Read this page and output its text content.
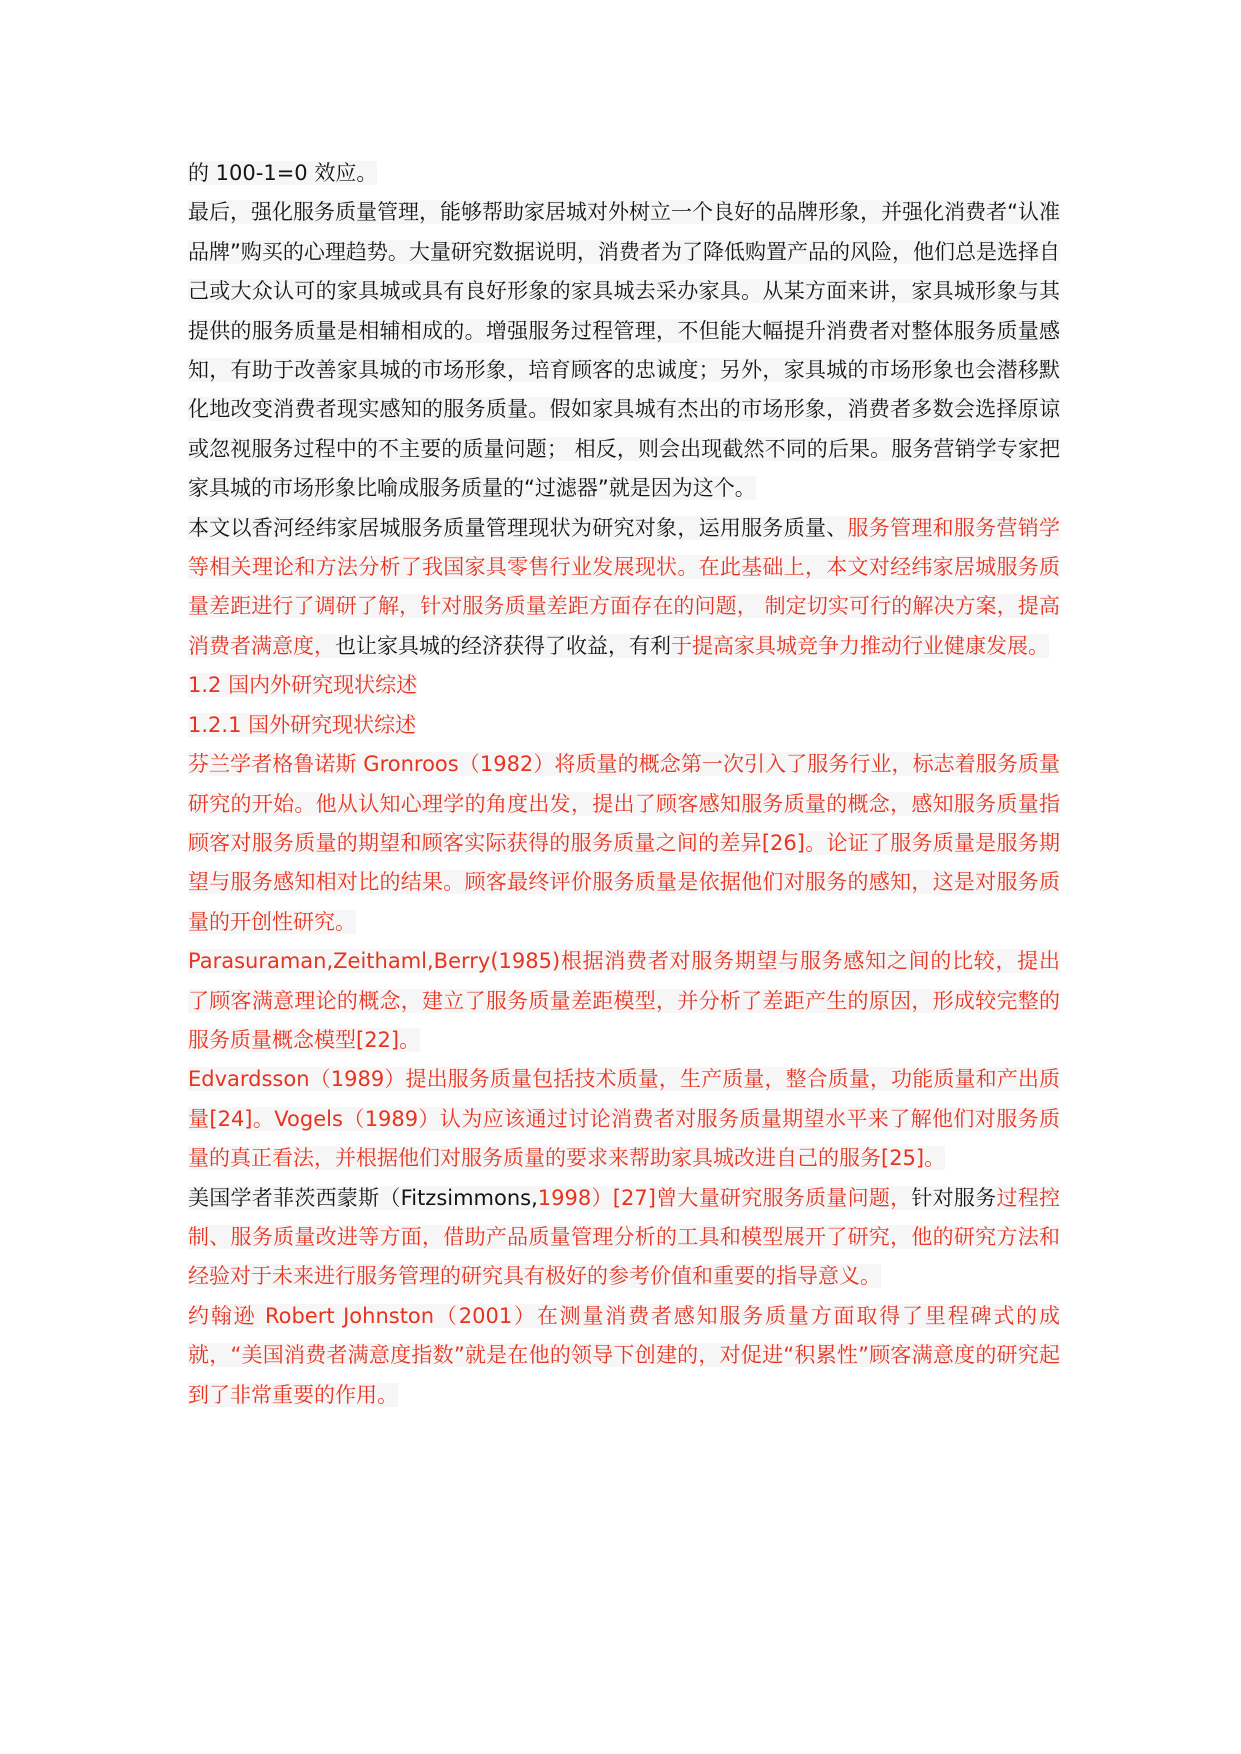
的 100-1=0 效应。

最后，强化服务质量管理，能够帮助家居城对外树立一个良好的品牌形象，并强化消费者“认准品牌”购买的心理趋势。大量研究数据说明，消费者为了降低购置产品的风险，他们总是选择自己或大众认可的家具城或具有良好形象的家具城去采办家具。从某方面来讲，家具城形象与其提供的服务质量是相辅相成的。增强服务过程管理，不但能大幅提升消费者对整体服务质量感知，有助于改善家具城的市场形象，培育顾客的忠诚度；另外，家具城的市场形象也会潜移默化地改变消费者现实感知的服务质量。假如家具城有杰出的市场形象，消费者多数会选择原谅或忽视服务过程中的不主要的质量问题； 相反，则会出现截然不同的后果。服务营销学专家把家具城的市场形象比喻成服务质量的“过滤器”就是因为这个。

本文以香河经纬家居城服务质量管理现状为研究对象，运用服务质量、服务管理和服务营销学等相关理论和方法分析了我国家具零售行业发展现状。在此基础上，本文对经纬家居城服务质量差距进行了调研了解，针对服务质量差距方面存在的问题， 制定切实可行的解决方案，提高消费者满意度，也让家具城的经济获得了收益，有利于提高家具城竞争力推动行业健康发展。

1.2 国内外研究现状综述

1.2.1 国外研究现状综述

芬兰学者格鲁诺斯 Gronroos（1982）将质量的概念第一次引入了服务行业，标志着服务质量研究的开始。他从认知心理学的角度出发，提出了顾客感知服务质量的概念，感知服务质量指顾客对服务质量的期望和顾客实际获得的服务质量之间的差异[26]。论证了服务质量是服务期望与服务感知相对比的结果。顾客最终评价服务质量是依据他们对服务的感知，这是对服务质量的开创性研究。

Parasuraman,Zeithaml,Berry(1985)根据消费者对服务期望与服务感知之间的比较，提出了顾客满意理论的概念，建立了服务质量差距模型，并分析了差距产生的原因，形成较完整的服务质量概念模型[22]。

Edvardsson（1989）提出服务质量包括技术质量，生产质量，整合质量，功能质量和产出质量[24]。Vogels（1989）认为应该通过讨论消费者对服务质量期望水平来了解他们对服务质量的真正看法，并根据他们对服务质量的要求来帮助家具城改进自己的服务[25]。

美国学者菲茨西蒙斯（Fitzsimmons,1998）[27]曾大量研究服务质量问题，针对服务过程控制、服务质量改进等方面，借助产品质量管理分析的工具和模型展开了研究，他的研究方法和经验对于未来进行服务管理的研究具有极好的参考价值和重要的指导意义。

约翰逊 Robert Johnston（2001）在测量消费者感知服务质量方面取得了里程碑式的成就，“美国消费者满意度指数”就是在他的领导下创建的，对促进“积累性”顾客满意度的研究起到了非常重要的作用。
